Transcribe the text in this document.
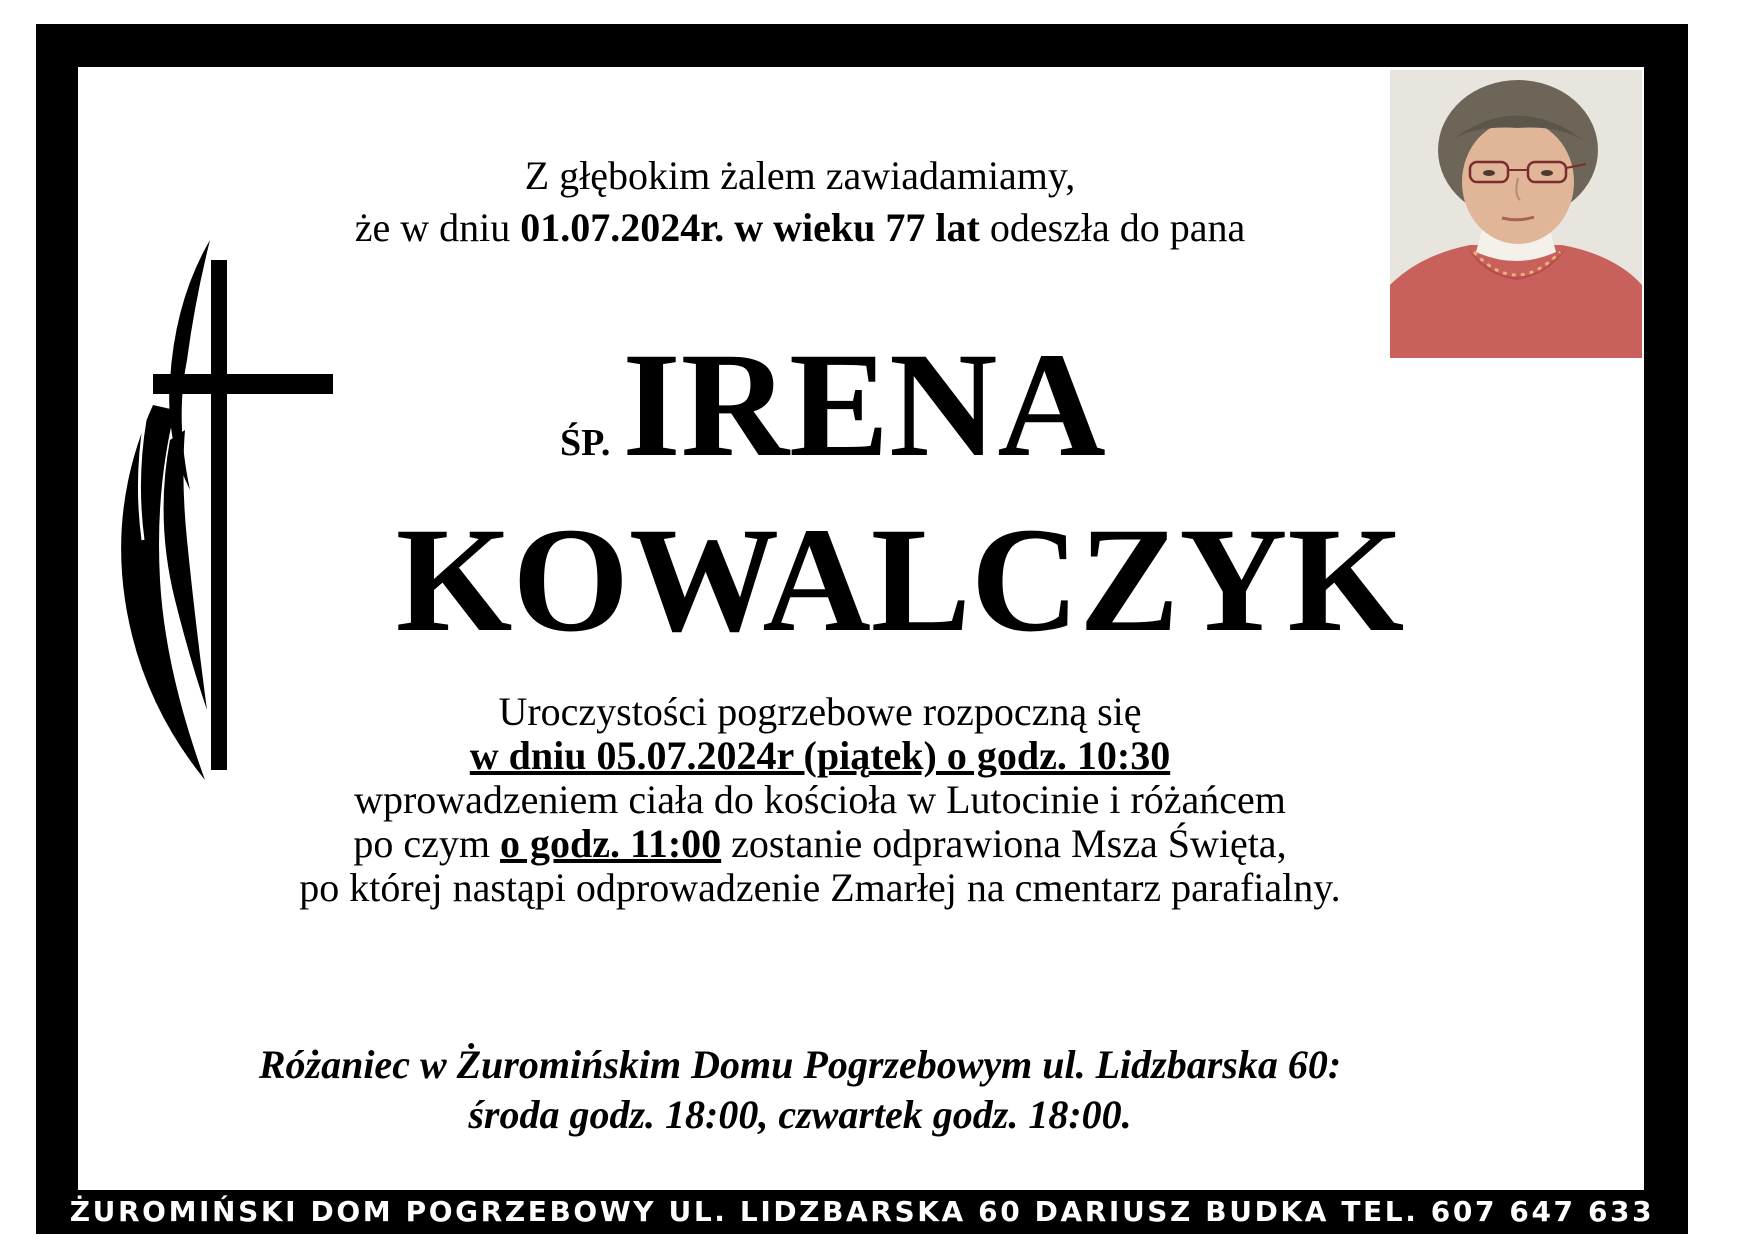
Z głębokim żalem zawiadamiamy,
że w dniu 01.07.2024r. w wieku 77 lat odeszła do pana
ŚP.IRENA
KOWALCZYK
Uroczystości pogrzebowe rozpoczną się
w dniu 05.07.2024r (piątek) o godz. 10:30
wprowadzeniem ciała do kościoła w Lutocinie i różańcem
po czym o godz. 11:00 zostanie odprawiona Msza Święta,
po której nastąpi odprowadzenie Zmarłej na cmentarz parafialny.
Różaniec w Żuromińskim Domu Pogrzebowym ul. Lidzbarska 60:
środa godz. 18:00, czwartek godz. 18:00.
ŻUROMIŃSKI DOM POGRZEBOWY UL. LIDZBARSKA 60 DARIUSZ BUDKA TEL. 607 647 633
